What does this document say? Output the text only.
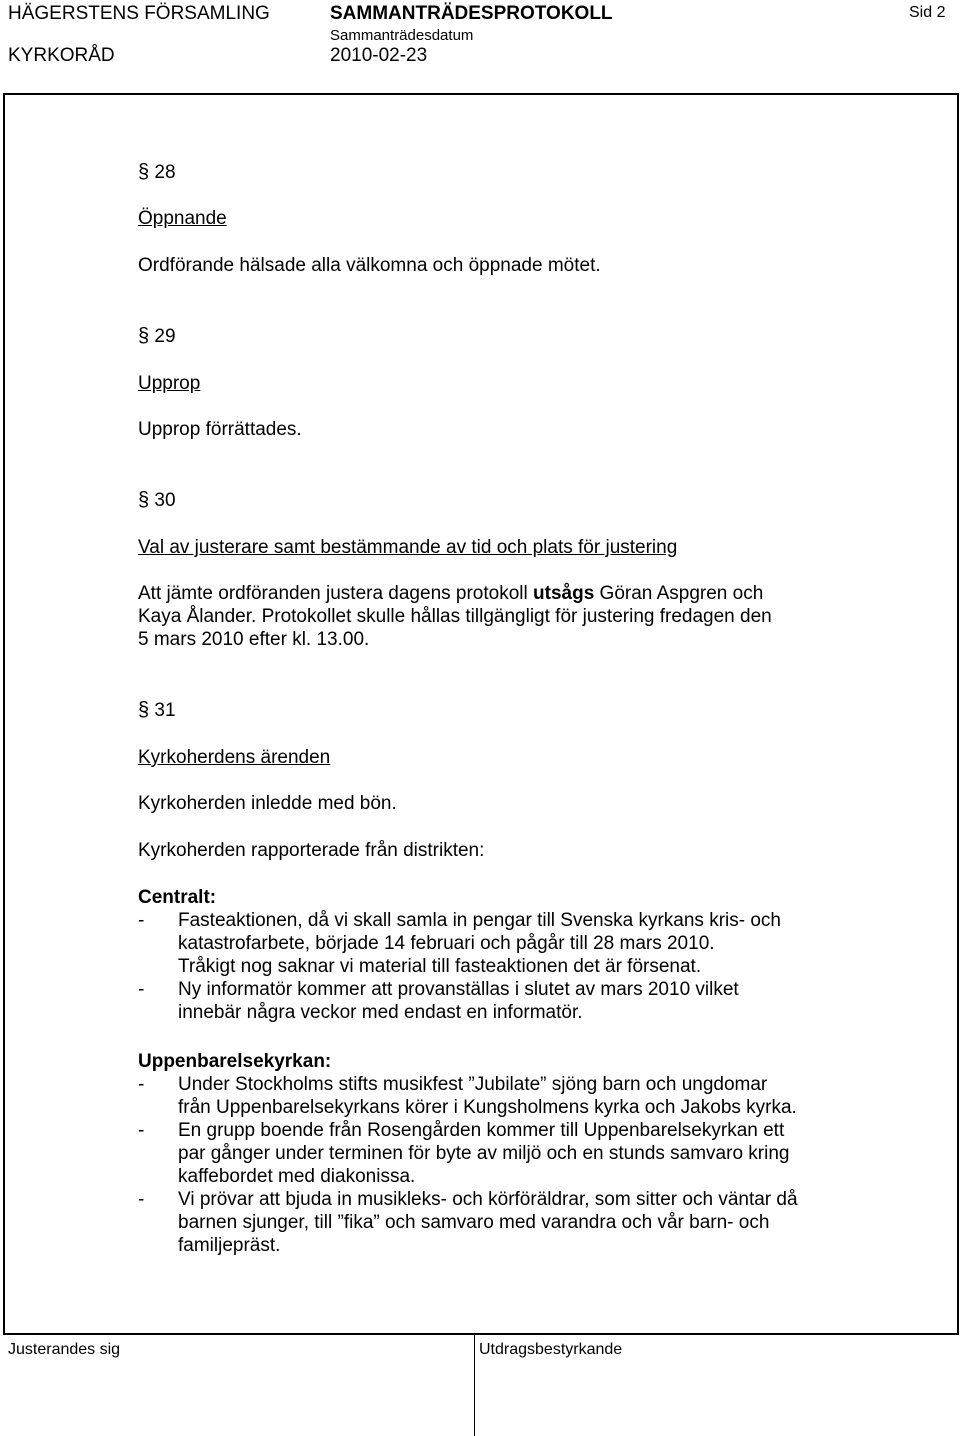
HÄGERSTENS FÖRSAMLING	SAMMANTRÄDESPROTOKOLL	Sid 2
KYRKORÅD
Sammanträdesdatum
2010-02-23
§ 28
Öppnande
Ordförande hälsade alla välkomna och öppnade mötet.
§ 29
Upprop
Upprop förrättades.
§ 30
Val av justerare samt bestämmande av tid och plats för justering
Att jämte ordföranden justera dagens protokoll utsågs Göran Aspgren och
Kaya Ålander. Protokollet skulle hållas tillgängligt för justering fredagen den
5 mars 2010 efter kl. 13.00.
§ 31
Kyrkoherdens ärenden
Kyrkoherden inledde med bön.
Kyrkoherden rapporterade från distrikten:
Centralt:
-	Fasteaktionen, då vi skall samla in pengar till Svenska kyrkans kris- och
katastrofarbete, började 14 februari och pågår till 28 mars 2010.
Tråkigt nog saknar vi material till fasteaktionen det är försenat.
-	Ny informatör kommer att provanställas i slutet av mars 2010 vilket
innebär några veckor med endast en informatör.
Uppenbarelsekyrkan:
-	Under Stockholms stifts musikfest ”Jubilate” sjöng barn och ungdomar
från Uppenbarelsekyrkans körer i Kungsholmens kyrka och Jakobs kyrka.
-	En grupp boende från Rosengården kommer till Uppenbarelsekyrkan ett
par gånger under terminen för byte av miljö och en stunds samvaro kring
kaffebordet med diakonissa.
-	Vi prövar att bjuda in musikleks- och körföräldrar, som sitter och väntar då
barnen sjunger, till ”fika” och samvaro med varandra och vår barn- och
familjepräst.
Justerandes sig	Utdragsbestyrkande
